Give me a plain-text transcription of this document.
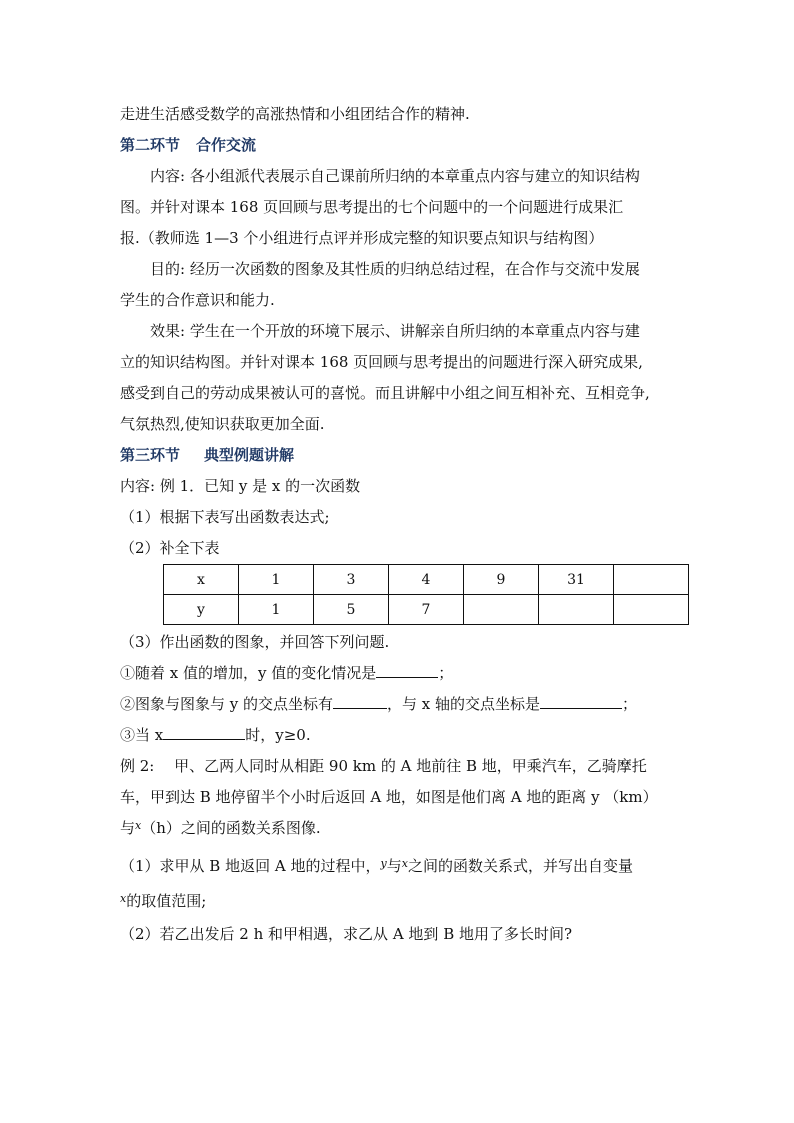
走进生活感受数学的高涨热情和小组团结合作的精神.
第二环节 合作交流
内容: 各小组派代表展示自己课前所归纳的本章重点内容与建立的知识结构
图。并针对课本 168 页回顾与思考提出的七个问题中的一个问题进行成果汇
报.（教师选 1—3 个小组进行点评并形成完整的知识要点知识与结构图）
目的: 经历一次函数的图象及其性质的归纳总结过程，在合作与交流中发展
学生的合作意识和能力.
效果: 学生在一个开放的环境下展示、讲解亲自所归纳的本章重点内容与建
立的知识结构图。并针对课本 168 页回顾与思考提出的问题进行深入研究成果,
感受到自己的劳动成果被认可的喜悦。而且讲解中小组之间互相补充、互相竞争,
气氛热烈,使知识获取更加全面.
第三环节 典型例题讲解
内容: 例 1．已知 y 是 x 的一次函数
（1）根据下表写出函数表达式;
（2）补全下表
x	1	3	4	9	31	
y	1	5	7			
（3）作出函数的图象，并回答下列问题.
①随着 x 值的增加，y 值的变化情况是	；
②图象与图象与 y 的交点坐标有	，与 x 轴的交点坐标是	；
③当 x	时，y≥0.
例 2:　 甲、乙两人同时从相距 90 km 的 A 地前往 B 地，甲乘汽车，乙骑摩托
车，甲到达 B 地停留半个小时后返回 A 地，如图是他们离 A 地的距离 y （km）
与$^x$（h）之间的函数关系图像.
（1）求甲从 B 地返回 A 地的过程中，$^y$与$^x$之间的函数关系式，并写出自变量
$^x$的取值范围;
（2）若乙出发后 2 h 和甲相遇，求乙从 A 地到 B 地用了多长时间?
